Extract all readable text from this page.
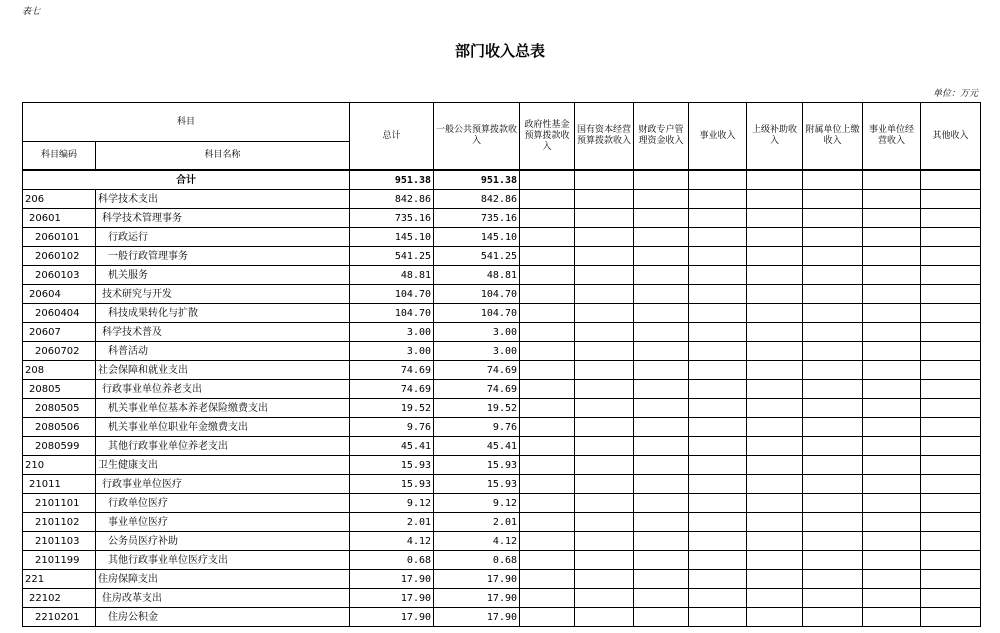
表七
部门收入总表
单位：万元
科目		总计	一般公共预算拨款收入	政府性基金预算拨款收入	国有资本经营预算拨款收入	财政专户管理资金收入	事业收入	上级补助收入	附属单位上缴收入	事业单位经营收入	其他收入
科目编码	科目名称										
合计		951.38	951.38								
206	科学技术支出	842.86	842.86								
20601	科学技术管理事务	735.16	735.16								
2060101	行政运行	145.10	145.10								
2060102	一般行政管理事务	541.25	541.25								
2060103	机关服务	48.81	48.81								
20604	技术研究与开发	104.70	104.70								
2060404	科技成果转化与扩散	104.70	104.70								
20607	科学技术普及	3.00	3.00								
2060702	科普活动	3.00	3.00								
208	社会保障和就业支出	74.69	74.69								
20805	行政事业单位养老支出	74.69	74.69								
2080505	机关事业单位基本养老保险缴费支出	19.52	19.52								
2080506	机关事业单位职业年金缴费支出	9.76	9.76								
2080599	其他行政事业单位养老支出	45.41	45.41								
210	卫生健康支出	15.93	15.93								
21011	行政事业单位医疗	15.93	15.93								
2101101	行政单位医疗	9.12	9.12								
2101102	事业单位医疗	2.01	2.01								
2101103	公务员医疗补助	4.12	4.12								
2101199	其他行政事业单位医疗支出	0.68	0.68								
221	住房保障支出	17.90	17.90								
22102	住房改革支出	17.90	17.90								
2210201	住房公积金	17.90	17.90								
